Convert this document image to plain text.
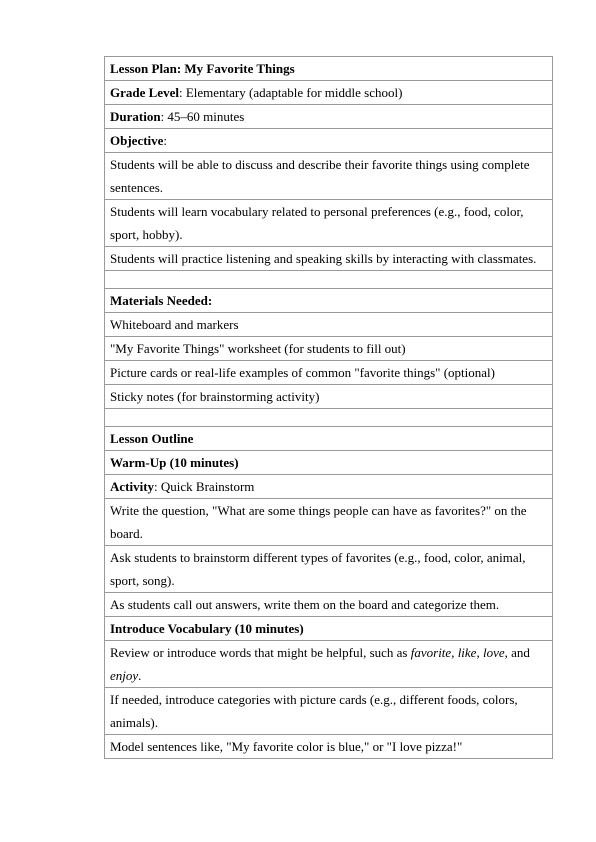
Lesson Plan: My Favorite Things
Grade Level: Elementary (adaptable for middle school)
Duration: 45–60 minutes
Objective:
Students will be able to discuss and describe their favorite things using complete sentences.
Students will learn vocabulary related to personal preferences (e.g., food, color, sport, hobby).
Students will practice listening and speaking skills by interacting with classmates.

Materials Needed:
Whiteboard and markers
"My Favorite Things" worksheet (for students to fill out)
Picture cards or real-life examples of common "favorite things" (optional)
Sticky notes (for brainstorming activity)

Lesson Outline
Warm-Up (10 minutes)
Activity: Quick Brainstorm
Write the question, "What are some things people can have as favorites?" on the board.
Ask students to brainstorm different types of favorites (e.g., food, color, animal, sport, song).
As students call out answers, write them on the board and categorize them.
Introduce Vocabulary (10 minutes)
Review or introduce words that might be helpful, such as favorite, like, love, and enjoy.
If needed, introduce categories with picture cards (e.g., different foods, colors, animals).
Model sentences like, "My favorite color is blue," or "I love pizza!"
